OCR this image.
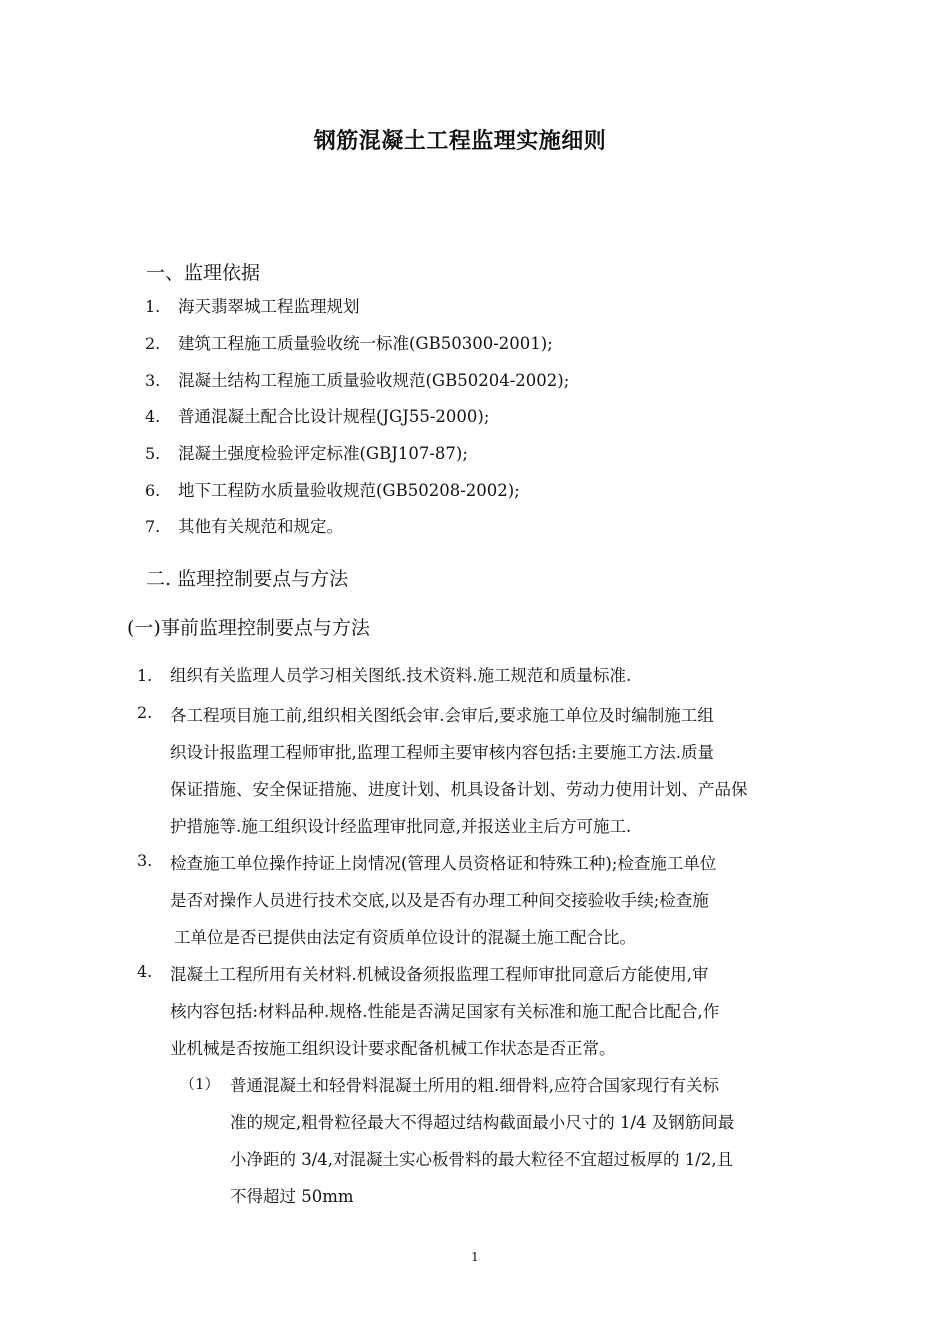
钢筋混凝土工程监理实施细则
一、监理依据
1. 海天翡翠城工程监理规划
2. 建筑工程施工质量验收统一标准(GB50300-2001);
3. 混凝土结构工程施工质量验收规范(GB50204-2002);
4. 普通混凝土配合比设计规程(JGJ55-2000);
5. 混凝土强度检验评定标准(GBJ107-87);
6. 地下工程防水质量验收规范(GB50208-2002);
7. 其他有关规范和规定。
二. 监理控制要点与方法
(一)事前监理控制要点与方法
1. 组织有关监理人员学习相关图纸.技术资料.施工规范和质量标准.
2. 各工程项目施工前,组织相关图纸会审.会审后,要求施工单位及时编制施工组
织设计报监理工程师审批,监理工程师主要审核内容包括:主要施工方法.质量
保证措施、安全保证措施、进度计划、机具设备计划、劳动力使用计划、产品保
护措施等.施工组织设计经监理审批同意,并报送业主后方可施工.
3. 检查施工单位操作持证上岗情况(管理人员资格证和特殊工种);检查施工单位
是否对操作人员进行技术交底,以及是否有办理工种间交接验收手续;检查施
工单位是否已提供由法定有资质单位设计的混凝土施工配合比。
4. 混凝土工程所用有关材料.机械设备须报监理工程师审批同意后方能使用,审
核内容包括:材料品种.规格.性能是否满足国家有关标准和施工配合比配合,作
业机械是否按施工组织设计要求配备机械工作状态是否正常。
（1） 普通混凝土和轻骨料混凝土所用的粗.细骨料,应符合国家现行有关标
准的规定,粗骨粒径最大不得超过结构截面最小尺寸的 1/4 及钢筋间最
小净距的 3/4,对混凝土实心板骨料的最大粒径不宜超过板厚的 1/2,且
不得超过 50mm
1
